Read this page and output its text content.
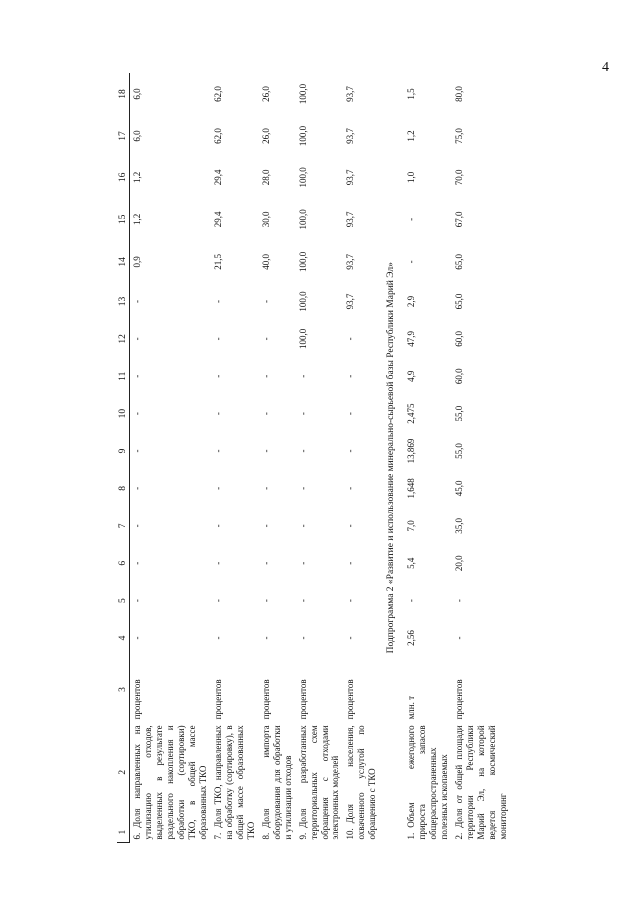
4
1	2	3	4	5	6	7	8	9	10	11	12	13	14	15	16	17	18
6.Доля направленных на утилизацию отходов, выделенных в результате раздельного накопления и обработки (сортировки) ТКО, в общей массе образованных ТКО		процентов	-	-	-	-	-	-	-	-	-	-	0,9	1,2	1,2	6,0	6,0
7.Доля ТКО, направленных на обработку (сортировку), в общей массе образованных ТКО		процентов	-	-	-	-	-	-	-	-	-	-	21,5	29,4	29,4	62,0	62,0
8.Доля импорта оборудования для обработки и утилизации отходов		процентов	-	-	-	-	-	-	-	-	-	-	40,0	30,0	28,0	26,0	26,0
9.Доля разработанных территориальных схем обращения с отходами электронных моделей		процентов	-	-	-	-	-	-	-	-	100,0	100,0	100,0	100,0	100,0	100,0	100,0
10.Доля населения, охваченного услугой по обращению с ТКО		процентов	-	-	-	-	-	-	-	-	-	93,7	93,7	93,7	93,7	93,7	93,7
Подпрограмма 2 «Развитие и использование минерально-сырьевой базы Республики Марий Эл»																	
1.Объем ежегодного прироста запасов общераспространенных полезных ископаемых		млн. т	2,56	-	5,4	7,0	1,648	13,869	2,475	4,9	47,9	2,9	-	-	1,0	1,2	1,5
2.Доля от общей площади территории Республики Марий Эл, на которой ведется космический мониторинг		процентов	-	-	20,0	35,0	45,0	55,0	55,0	60,0	60,0	65,0	65,0	67,0	70,0	75,0	80,0
